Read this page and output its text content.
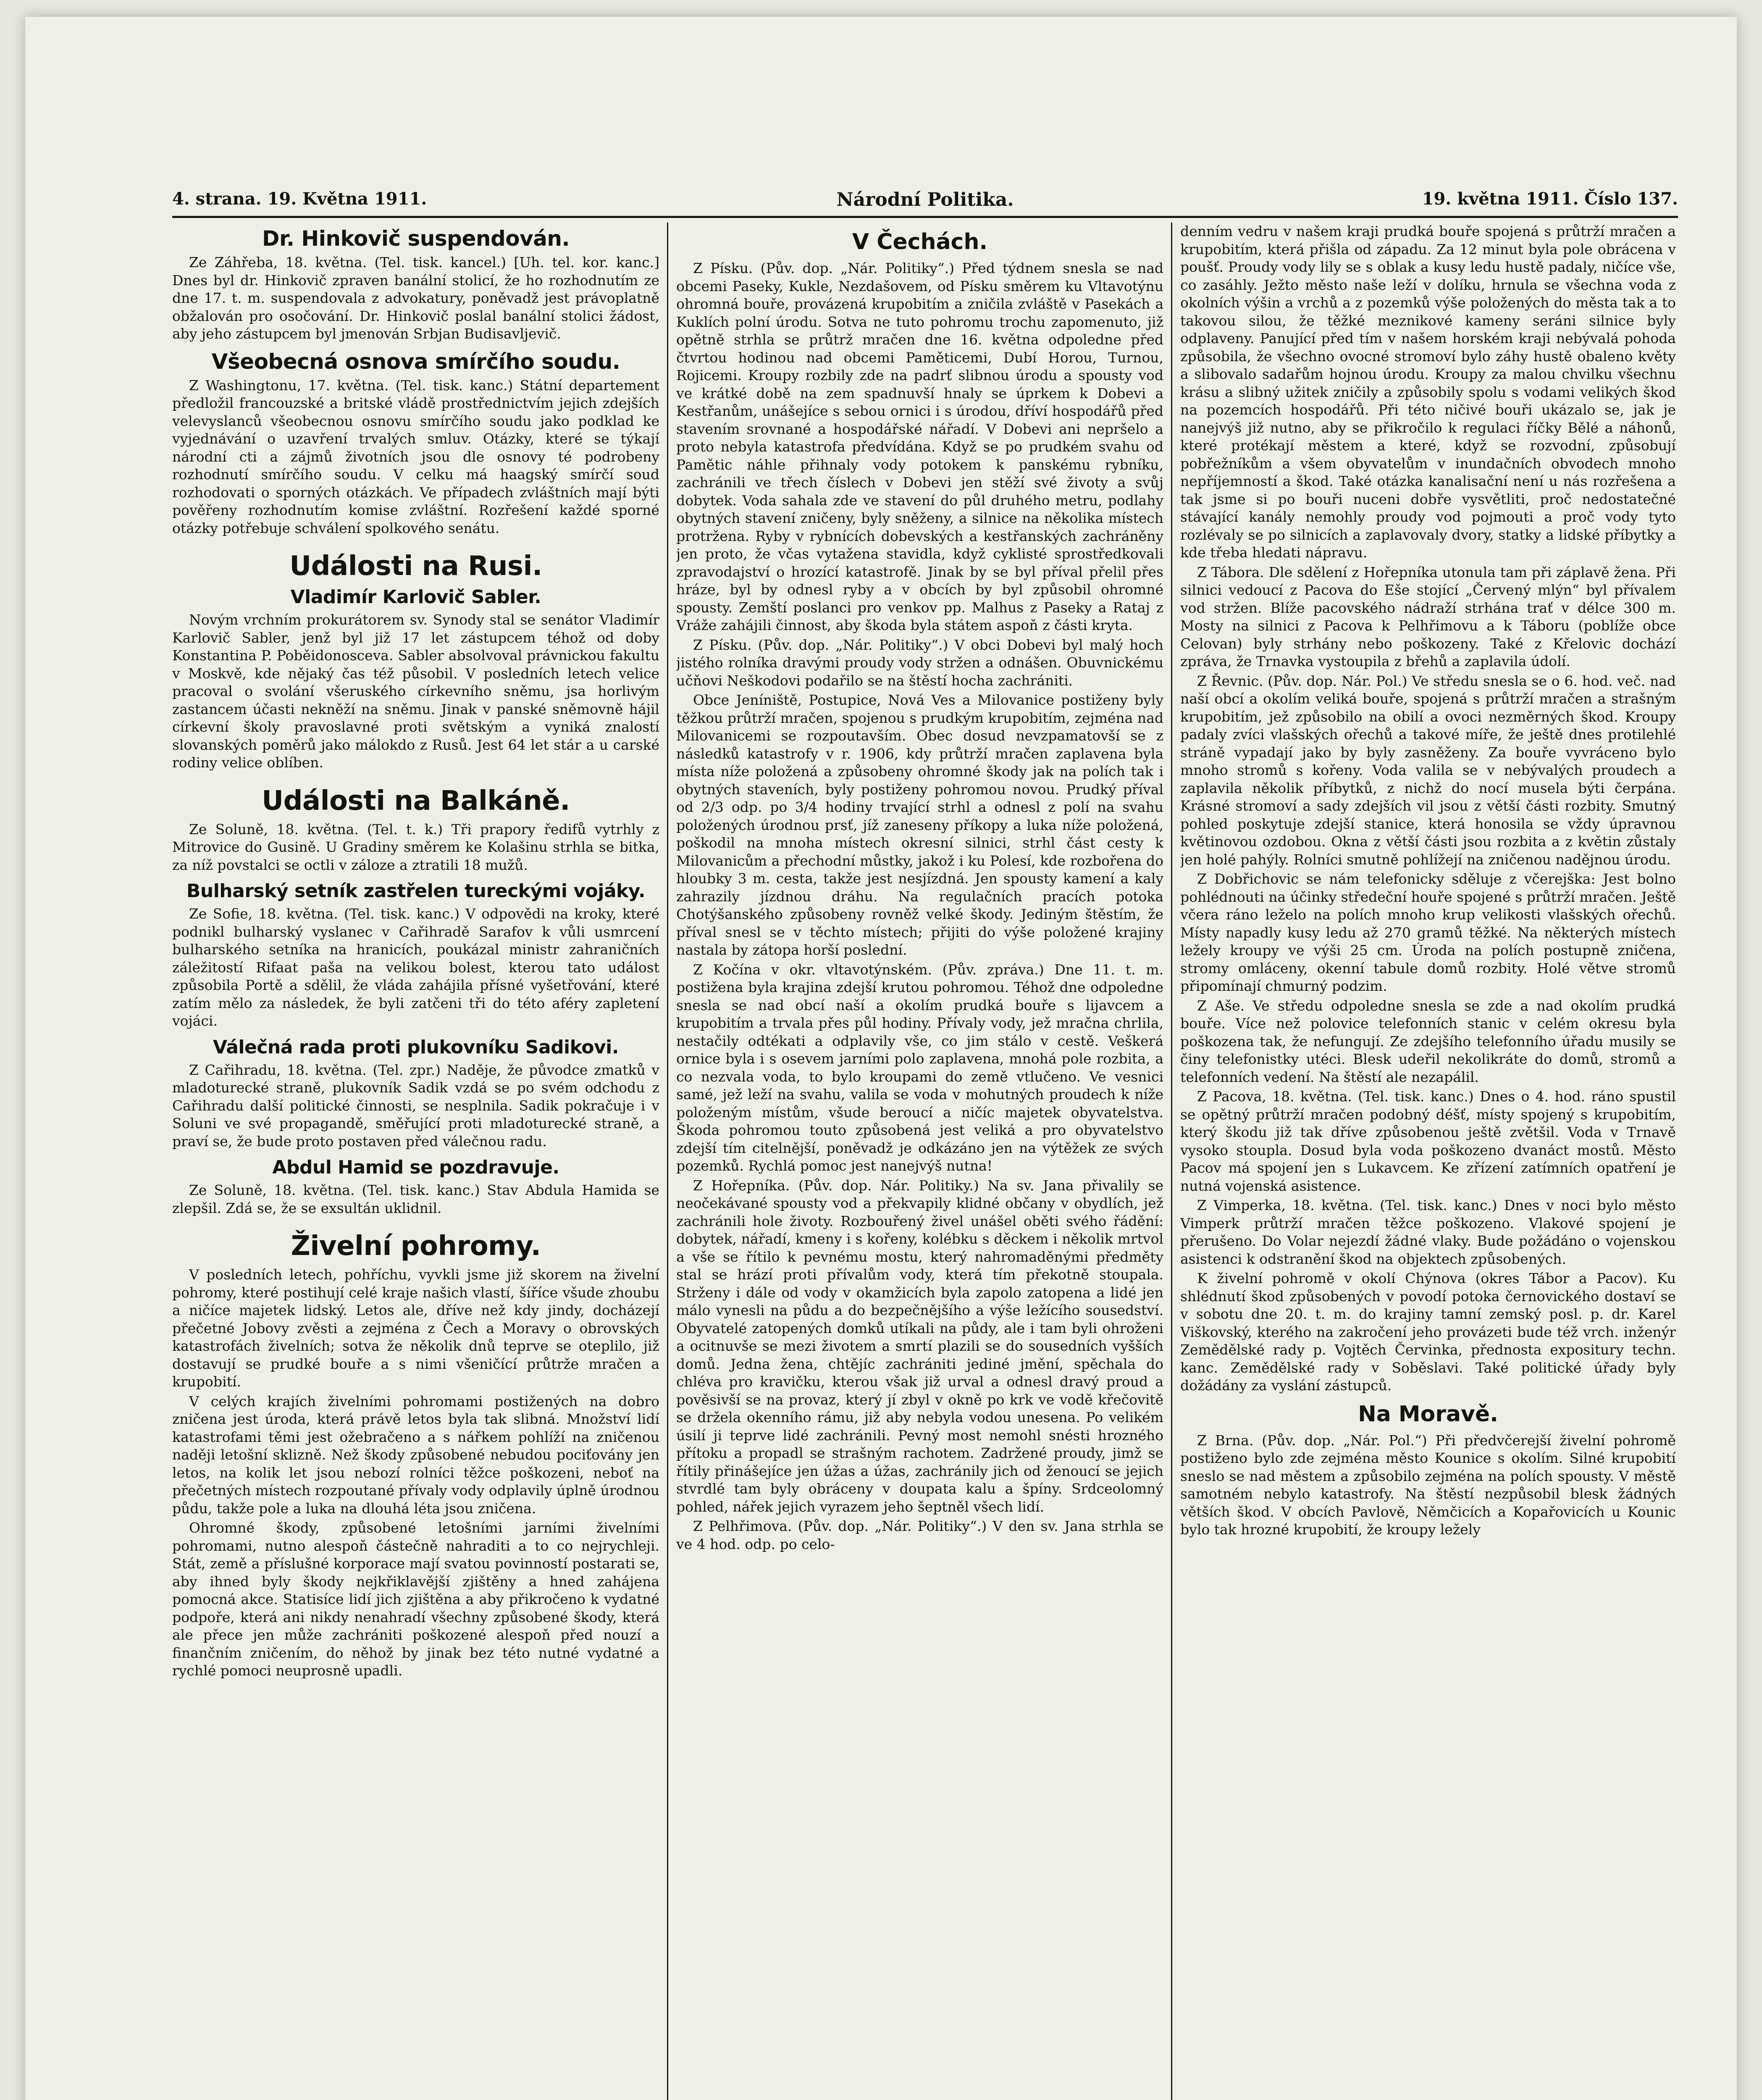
4. strana. 19. Května 1911.	Národní Politika.	19. května 1911. Číslo 137.
Dr. Hinkovič suspendován.

Ze Záhřeba, 18. května. (Tel. tisk. kancel.) [Uh. tel. kor. kanc.] Dnes byl dr. Hinkovič zpraven banální stolicí, že ho rozhodnutím ze dne 17. t. m. suspendovala z advokatury, poněvadž jest právoplatně obžalován pro osočování. Dr. Hinkovič poslal banální stolici žádost, aby jeho zástupcem byl jmenován Srbjan Budisavljevič.

Všeobecná osnova smírčího soudu.

Z Washingtonu, 17. května. (Tel. tisk. kanc.) Státní departement předložil francouzské a britské vládě prostřednictvím jejich zdejších velevyslanců všeobecnou osnovu smírčího soudu jako podklad ke vyjednávání o uzavření trvalých smluv. Otázky, které se týkají národní cti a zájmů životních jsou dle osnovy té podrobeny rozhodnutí smírčího soudu. V celku má haagský smírčí soud rozhodovati o sporných otázkách. Ve případech zvláštních mají býti pověřeny rozhodnutím komise zvláštní. Rozřešení každé sporné otázky potřebuje schválení spolkového senátu.

Události na Rusi.
Vladimír Karlovič Sabler.

Novým vrchním prokurátorem sv. Synody stal se senátor Vladimír Karlovič Sabler, jenž byl již 17 let zástupcem téhož od doby Konstantina P. Poběidonosceva. Sabler absolvoval právnickou fakultu v Moskvě, kde nějaký čas též působil. V posledních letech velice pracoval o svolání všeruského církevního sněmu, jsa horlivým zastancem účasti nekněží na sněmu. Jinak v panské sněmovně hájil církevní školy pravoslavné proti světským a vyniká znalostí slovanských poměrů jako málokdo z Rusů. Jest 64 let stár a u carské rodiny velice oblíben.

Události na Balkáně.

Ze Soluně, 18. května. (Tel. t. k.) Tři prapory ředifů vytrhly z Mitrovice do Gusině. U Gradiny směrem ke Kolašinu strhla se bitka, za níž povstalci se octli v záloze a ztratili 18 mužů.

Bulharský setník zastřelen tureckými vojáky.

Ze Sofie, 18. května. (Tel. tisk. kanc.) V odpovědi na kroky, které podnikl bulharský vyslanec v Cařihradě Sarafov k vůli usmrcení bulharského setníka na hranicích, poukázal ministr zahraničních záležitostí Rifaat paša na velikou bolest, kterou tato událost způsobila Portě a sdělil, že vláda zahájila přísné vyšetřování, které zatím mělo za následek, že byli zatčeni tři do této aféry zapletení vojáci.

Válečná rada proti plukovníku Sadikovi.

Z Cařihradu, 18. května. (Tel. zpr.) Naděje, že původce zmatků v mladoturecké straně, plukovník Sadik vzdá se po svém odchodu z Cařihradu další politické činnosti, se nesplnila. Sadik pokračuje i v Soluni ve své propagandě, směřující proti mladoturecké straně, a praví se, že bude proto postaven před válečnou radu.

Abdul Hamid se pozdravuje.

Ze Soluně, 18. května. (Tel. tisk. kanc.) Stav Abdula Hamida se zlepšil. Zdá se, že se exsultán uklidnil.

Živelní pohromy.

V posledních letech, pohříchu, vyvkli jsme již skorem na živelní pohromy, které postihují celé kraje našich vlastí, šíříce všude zhoubu a ničíce majetek lidský. Letos ale, dříve než kdy jindy, docházejí přečetné Jobovy zvěsti a zejména z Čech a Moravy o obrovských katastrofách živelních; sotva že několik dnů teprve se oteplilo, již dostavují se prudké bouře a s nimi všeničící průtrže mračen a krupobití.

V celých krajích živelními pohromami postižených na dobro zničena jest úroda, která právě letos byla tak slibná. Množství lidí katastrofami těmi jest ožebračeno a s nářkem pohlíží na zničenou naději letošní sklizně. Než škody způsobené nebudou pociťovány jen letos, na kolik let jsou nebozí rolníci těžce poškozeni, neboť na přečetných místech rozpoutané přívaly vody odplavily úplně úrodnou půdu, takže pole a luka na dlouhá léta jsou zničena.

Ohromné škody, způsobené letošními jarními živelními pohromami, nutno alespoň částečně nahraditi a to co nejrychleji. Stát, země a příslušné korporace mají svatou povinností postarati se, aby ihned byly škody nejkřiklavější zjištěny a hned zahájena pomocná akce. Statisíce lidí jich zjištěna a aby přikročeno k vydatné podpoře, která ani nikdy nenahradí všechny způsobené škody, která ale přece jen může zachrániti poškozené alespoň před nouzí a finančním zničením, do něhož by jinak bez této nutné vydatné a rychlé pomoci neuprosně upadli.

V Čechách.

Z Písku. (Pův. dop. „Nár. Politiky“.) Před týdnem snesla se nad obcemi Paseky, Kukle, Nezdašovem, od Písku směrem ku Vltavotýnu ohromná bouře, provázená krupobitím a zničila zvláště v Pasekách a Kuklích polní úrodu. Sotva ne tuto pohromu trochu zapomenuto, již opětně strhla se průtrž mračen dne 16. května odpoledne před čtvrtou hodinou nad obcemi Paměticemi, Dubí Horou, Turnou, Rojicemi. Kroupy rozbily zde na padrť slibnou úrodu a spousty vod ve krátké době na zem spadnuvší hnaly se úprkem k Dobevi a Kestřanům, unášejíce s sebou ornici i s úrodou, dříví hospodářů před stavením srovnané a hospodářské nářadí. V Dobevi ani nepršelo a proto nebyla katastrofa předvídána. Když se po prudkém svahu od Pamětic náhle přihnaly vody potokem k panskému rybníku, zachránili ve třech číslech v Dobevi jen stěží své životy a svůj dobytek. Voda sahala zde ve stavení do půl druhého metru, podlahy obytných stavení zničeny, byly sněženy, a silnice na několika místech protržena. Ryby v rybnících dobevských a kestřanských zachráněny jen proto, že včas vytažena stavidla, když cyklisté sprostředkovali zpravodajství o hrozící katastrofě. Jinak by se byl příval přelil přes hráze, byl by odnesl ryby a v obcích by byl způsobil ohromné spousty. Zemští poslanci pro venkov pp. Malhus z Paseky a Rataj z Vráže zahájili činnost, aby škoda byla státem aspoň z části kryta.

Z Písku. (Pův. dop. „Nár. Politiky“.) V obci Dobevi byl malý hoch jistého rolníka dravými proudy vody stržen a odnášen. Obuvnickému učňovi Neškodovi podařilo se na štěstí hocha zachrániti.

Obce Jeníniště, Postupice, Nová Ves a Milovanice postiženy byly těžkou průtrží mračen, spojenou s prudkým krupobitím, zejména nad Milovanicemi se rozpoutavším. Obec dosud nevzpamatovší se z následků katastrofy v r. 1906, kdy průtrží mračen zaplavena byla místa níže položená a způsobeny ohromné škody jak na polích tak i obytných staveních, byly postiženy pohromou novou. Prudký příval od 2/3 odp. po 3/4 hodiny trvající strhl a odnesl z polí na svahu položených úrodnou prsť, jíž zaneseny příkopy a luka níže položená, poškodil na mnoha místech okresní silnici, strhl část cesty k Milovanicům a přechodní můstky, jakož i ku Polesí, kde rozbořena do hloubky 3 m. cesta, takže jest nesjízdná. Jen spousty kamení a kaly zahrazily jízdnou dráhu. Na regulačních pracích potoka Chotýšanského způsobeny rovněž velké škody. Jediným štěstím, že příval snesl se v těchto místech; přijiti do výše položené krajiny nastala by zátopa horší poslední.

Z Kočína v okr. vltavotýnském. (Pův. zpráva.) Dne 11. t. m. postižena byla krajina zdejší krutou pohromou. Téhož dne odpoledne snesla se nad obcí naší a okolím prudká bouře s lijavcem a krupobitím a trvala přes půl hodiny. Přívaly vody, jež mračna chrlila, nestačily odtékati a odplavily vše, co jim stálo v cestě. Veškerá ornice byla i s osevem jarními polo zaplavena, mnohá pole rozbita, a co nezvala voda, to bylo kroupami do země vtlučeno. Ve vesnici samé, jež leží na svahu, valila se voda v mohutných proudech k níže položeným místům, všude beroucí a ničíc majetek obyvatelstva. Škoda pohromou touto způsobená jest veliká a pro obyvatelstvo zdejší tím citelnější, poněvadž je odkázáno jen na výtěžek ze svých pozemků. Rychlá pomoc jest nanejvýš nutna!

Z Hořepníka. (Pův. dop. Nár. Politiky.) Na sv. Jana přivalily se neočekávané spousty vod a překvapily klidné občany v obydlích, jež zachránili hole životy. Rozbouřený živel unášel oběti svého řádění: dobytek, nářadí, kmeny i s kořeny, kolébku s děckem i několik mrtvol a vše se řítilo k pevnému mostu, který nahromaděnými předměty stal se hrází proti přívalům vody, která tím překotně stoupala. Strženy i dále od vody v okamžicích byla zapolo zatopena a lidé jen málo vynesli na půdu a do bezpečnějšího a výše ležícího sousedství. Obyvatelé zatopených domků utíkali na půdy, ale i tam byli ohroženi a ocitnuvše se mezi životem a smrtí plazili se do sousedních vyšších domů. Jedna žena, chtějíc zachrániti jediné jmění, spěchala do chléva pro kravičku, kterou však již urval a odnesl dravý proud a pověsivší se na provaz, který jí zbyl v okně po krk ve vodě křečovitě se držela okenního rámu, již aby nebyla vodou unesena. Po velikém úsilí ji teprve lidé zachránili. Pevný most nemohl snésti hrozného přítoku a propadl se strašným rachotem. Zadržené proudy, jimž se řítily přinášejíce jen úžas a úžas, zachránily jich od ženoucí se jejich stvrdlé tam byly obráceny v doupata kalu a špíny. Srdceolomný pohled, nářek jejich vyrazem jeho šeptněl všech lidí.

Z Pelhřimova. (Pův. dop. „Nár. Politiky“.) V den sv. Jana strhla se ve 4 hod. odp. po celo-

denním vedru v našem kraji prudká bouře spojená s průtrží mračen a krupobitím, která přišla od západu. Za 12 minut byla pole obrácena v poušť. Proudy vody lily se s oblak a kusy ledu hustě padaly, ničíce vše, co zasáhly. Ježto město naše leží v dolíku, hrnula se všechna voda z okolních výšin a vrchů a z pozemků výše položených do města tak a to takovou silou, že těžké meznikové kameny seráni silnice byly odplaveny. Panující před tím v našem horském kraji nebývalá pohoda způsobila, že všechno ovocné stromoví bylo záhy hustě obaleno květy a slibovalo sadařům hojnou úrodu. Kroupy za malou chvilku všechnu krásu a slibný užitek zničily a způsobily spolu s vodami velikých škod na pozemcích hospodářů. Při této ničivé bouři ukázalo se, jak je nanejvýš již nutno, aby se přikročilo k regulaci říčky Bělé a náhonů, které protékají městem a které, když se rozvodní, způsobují pobřežníkům a všem obyvatelům v inundačních obvodech mnoho nepříjemností a škod. Také otázka kanalisační není u nás rozřešena a tak jsme si po bouři nuceni dobře vysvětliti, proč nedostatečné stávající kanály nemohly proudy vod pojmouti a proč vody tyto rozlévaly se po silnicích a zaplavovaly dvory, statky a lidské příbytky a kde třeba hledati nápravu.

Z Tábora. Dle sdělení z Hořepníka utonula tam při záplavě žena. Při silnici vedoucí z Pacova do Eše stojící „Červený mlýn“ byl přívalem vod stržen. Blíže pacovského nádraží strhána trať v délce 300 m. Mosty na silnici z Pacova k Pelhřimovu a k Táboru (poblíže obce Celovan) byly strhány nebo poškozeny. Také z Křelovic dochází zpráva, že Trnavka vystoupila z břehů a zaplavila údolí.

Z Řevnic. (Pův. dop. Nár. Pol.) Ve středu snesla se o 6. hod. več. nad naší obcí a okolím veliká bouře, spojená s průtrží mračen a strašným krupobitím, jež způsobilo na obilí a ovoci nezměrných škod. Kroupy padaly zvíci vlašských ořechů a takové míře, že ještě dnes protilehlé stráně vypadají jako by byly zasněženy. Za bouře vyvráceno bylo mnoho stromů s kořeny. Voda valila se v nebývalých proudech a zaplavila několik příbytků, z nichž do nocí musela býti čerpána. Krásné stromoví a sady zdejších vil jsou z větší části rozbity. Smutný pohled poskytuje zdejší stanice, která honosila se vždy úpravnou květinovou ozdobou. Okna z větší části jsou rozbita a z květin zůstaly jen holé pahýly. Rolníci smutně pohlížejí na zničenou nadějnou úrodu.

Z Dobřichovic se nám telefonicky sděluje z včerejška: Jest bolno pohlédnouti na účinky středeční houře spojené s průtrží mračen. Ještě včera ráno leželo na polích mnoho krup velikosti vlašských ořechů. Místy napadly kusy ledu až 270 gramů těžké. Na některých místech ležely kroupy ve výši 25 cm. Úroda na polích postupně zničena, stromy omláceny, okenní tabule domů rozbity. Holé větve stromů připomínají chmurný podzim.

Z Aše. Ve středu odpoledne snesla se zde a nad okolím prudká bouře. Více než polovice telefonních stanic v celém okresu byla poškozena tak, že nefungují. Ze zdejšího telefonního úřadu musily se činy telefonistky utéci. Blesk udeřil nekolikráte do domů, stromů a telefonních vedení. Na štěstí ale nezapálil.

Z Pacova, 18. května. (Tel. tisk. kanc.) Dnes o 4. hod. ráno spustil se opětný průtrží mračen podobný déšť, místy spojený s krupobitím, který škodu již tak dříve způsobenou ještě zvětšil. Voda v Trnavě vysoko stoupla. Dosud byla voda poškozeno dvanáct mostů. Město Pacov má spojení jen s Lukavcem. Ke zřízení zatímních opatření je nutná vojenská asistence.

Z Vimperka, 18. května. (Tel. tisk. kanc.) Dnes v noci bylo město Vimperk průtrží mračen těžce poškozeno. Vlakové spojení je přerušeno. Do Volar nejezdí žádné vlaky. Bude požádáno o vojenskou asistenci k odstranění škod na objektech způsobených.

K živelní pohromě v okolí Chýnova (okres Tábor a Pacov). Ku shlédnutí škod způsobených v povodí potoka černovického dostaví se v sobotu dne 20. t. m. do krajiny tamní zemský posl. p. dr. Karel Viškovský, kterého na zakročení jeho provázeti bude též vrch. inženýr Zemědělské rady p. Vojtěch Červinka, přednosta expositury techn. kanc. Zemědělské rady v Soběslavi. Také politické úřady byly dožádány za vyslání zástupců.

Na Moravě.

Z Brna. (Pův. dop. „Nár. Pol.“) Při předvčerejší živelní pohromě postiženo bylo zde zejména město Kounice s okolím. Silné krupobití sneslo se nad městem a způsobilo zejména na polích spousty. V městě samotném nebylo katastrofy. Na štěstí nezpůsobil blesk žádných větších škod. V obcích Pavlově, Němčicích a Kopařovicích u Kounic bylo tak hrozné krupobití, že kroupy ležely
